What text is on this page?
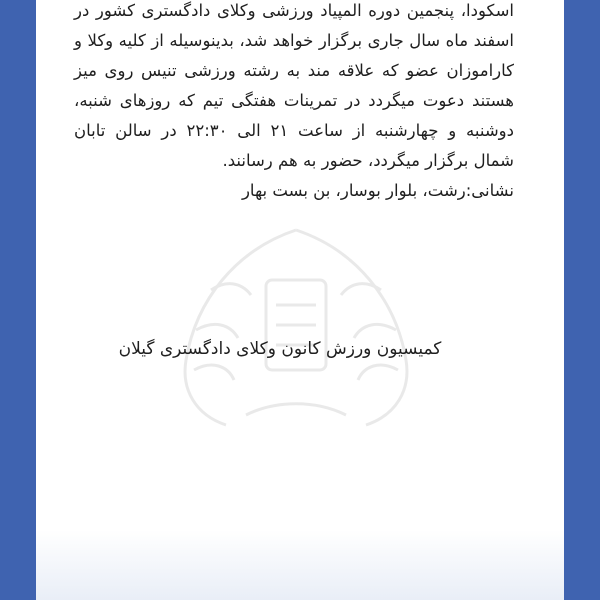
اسکودا، پنجمین دوره المپیاد ورزشی وکلای دادگستری کشور در اسفند ماه سال جاری برگزار خواهد شد، بدینوسیله از کلیه وکلا و کاراموزان عضو که علاقه مند به رشته ورزشی تنیس روی میز هستند دعوت میگردد در تمرینات هفتگی تیم که روزهای شنبه، دوشنبه و چهارشنبه از ساعت ۲۱ الی ۲۲:۳۰ در سالن تابان شمال برگزار میگردد، حضور به هم رسانند.

نشانی:رشت، بلوار بوسار، بن بست بهار

کمیسیون ورزش کانون وکلای دادگستری گیلان
